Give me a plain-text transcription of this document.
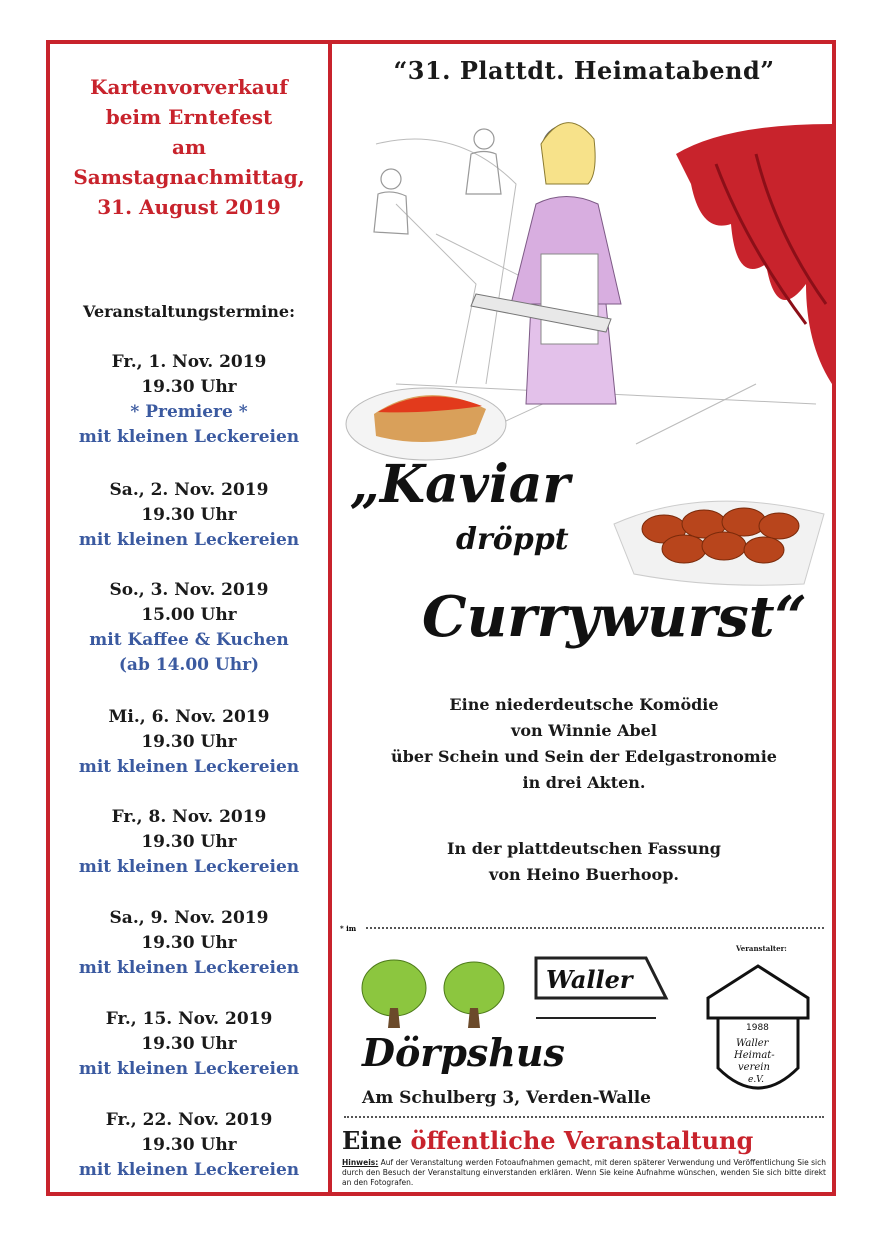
Kartenvorverkauf
beim Erntefest
am
Samstagnachmittag,
31. August 2019
Veranstaltungstermine:
Fr., 1. Nov. 2019
19.30 Uhr
* Premiere *
mit kleinen Leckereien
Sa., 2. Nov. 2019
19.30 Uhr
mit kleinen Leckereien
So., 3. Nov. 2019
15.00 Uhr
mit Kaffee & Kuchen
(ab 14.00 Uhr)
Mi., 6. Nov. 2019
19.30 Uhr
mit kleinen Leckereien
Fr., 8. Nov. 2019
19.30 Uhr
mit kleinen Leckereien
Sa., 9. Nov. 2019
19.30 Uhr
mit kleinen Leckereien
Fr., 15. Nov. 2019
19.30 Uhr
mit kleinen Leckereien
Fr., 22. Nov. 2019
19.30 Uhr
mit kleinen Leckereien
“31. Plattdt. Heimatabend”
„Kaviar
dröppt
Currywurst“
Eine niederdeutsche Komödie
von Winnie Abel
über Schein und Sein der Edelgastronomie
in drei Akten.
In der plattdeutschen Fassung
von Heino Buerhoop.
* im
Waller
Dörpshus
Am Schulberg 3, Verden-Walle
Veranstalter:
1988
Waller
Heimat-
verein
e.V.
Eine öffentliche Veranstaltung
Hinweis: Auf der Veranstaltung werden Fotoaufnahmen gemacht, mit deren späterer Verwendung und Veröffentlichung Sie sich durch den Besuch der Veranstaltung einverstanden erklären. Wenn Sie keine Aufnahme wünschen, wenden Sie sich bitte direkt an den Fotografen.
